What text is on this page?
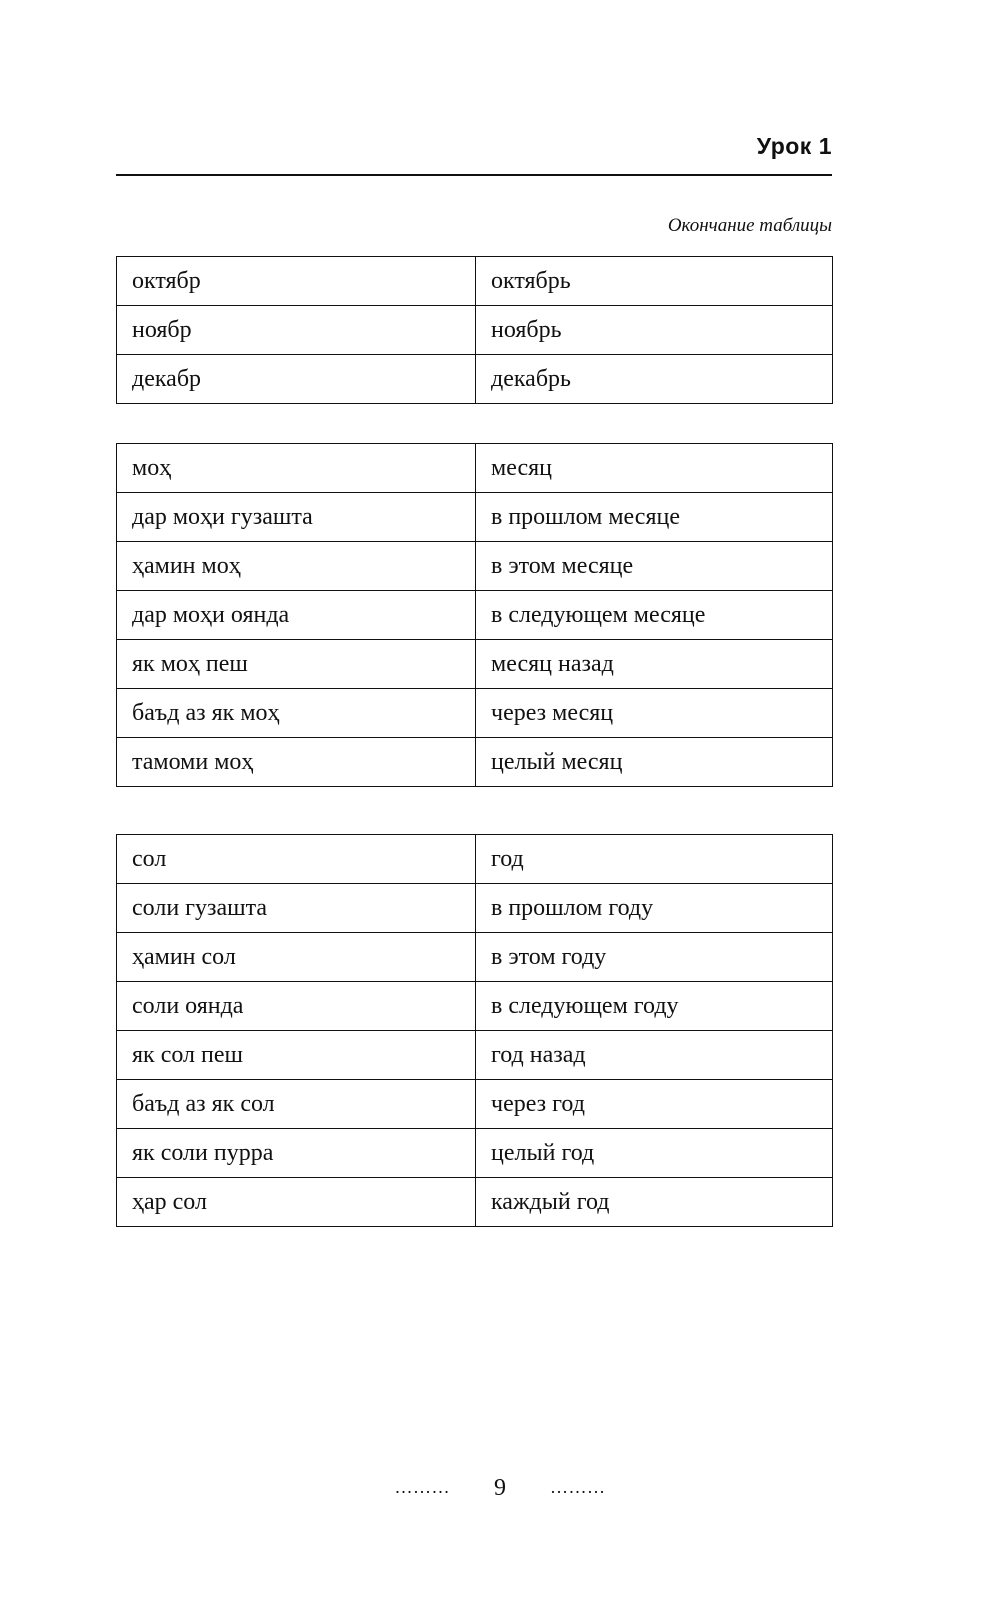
Урок 1
Окончание таблицы
октябр	октябрь
ноябр	ноябрь
декабр	декабрь
моҳ	месяц
дар моҳи гузашта	в прошлом месяце
ҳамин моҳ	в этом месяце
дар моҳи оянда	в следующем месяце
як моҳ пеш	месяц назад
баъд аз як моҳ	через месяц
тамоми моҳ	целый месяц
сол	год
соли гузашта	в прошлом году
ҳамин сол	в этом году
соли оянда	в следующем году
як сол пеш	год назад
баъд аз як сол	через год
як соли пурра	целый год
ҳар сол	каждый год
……… 9 ………
